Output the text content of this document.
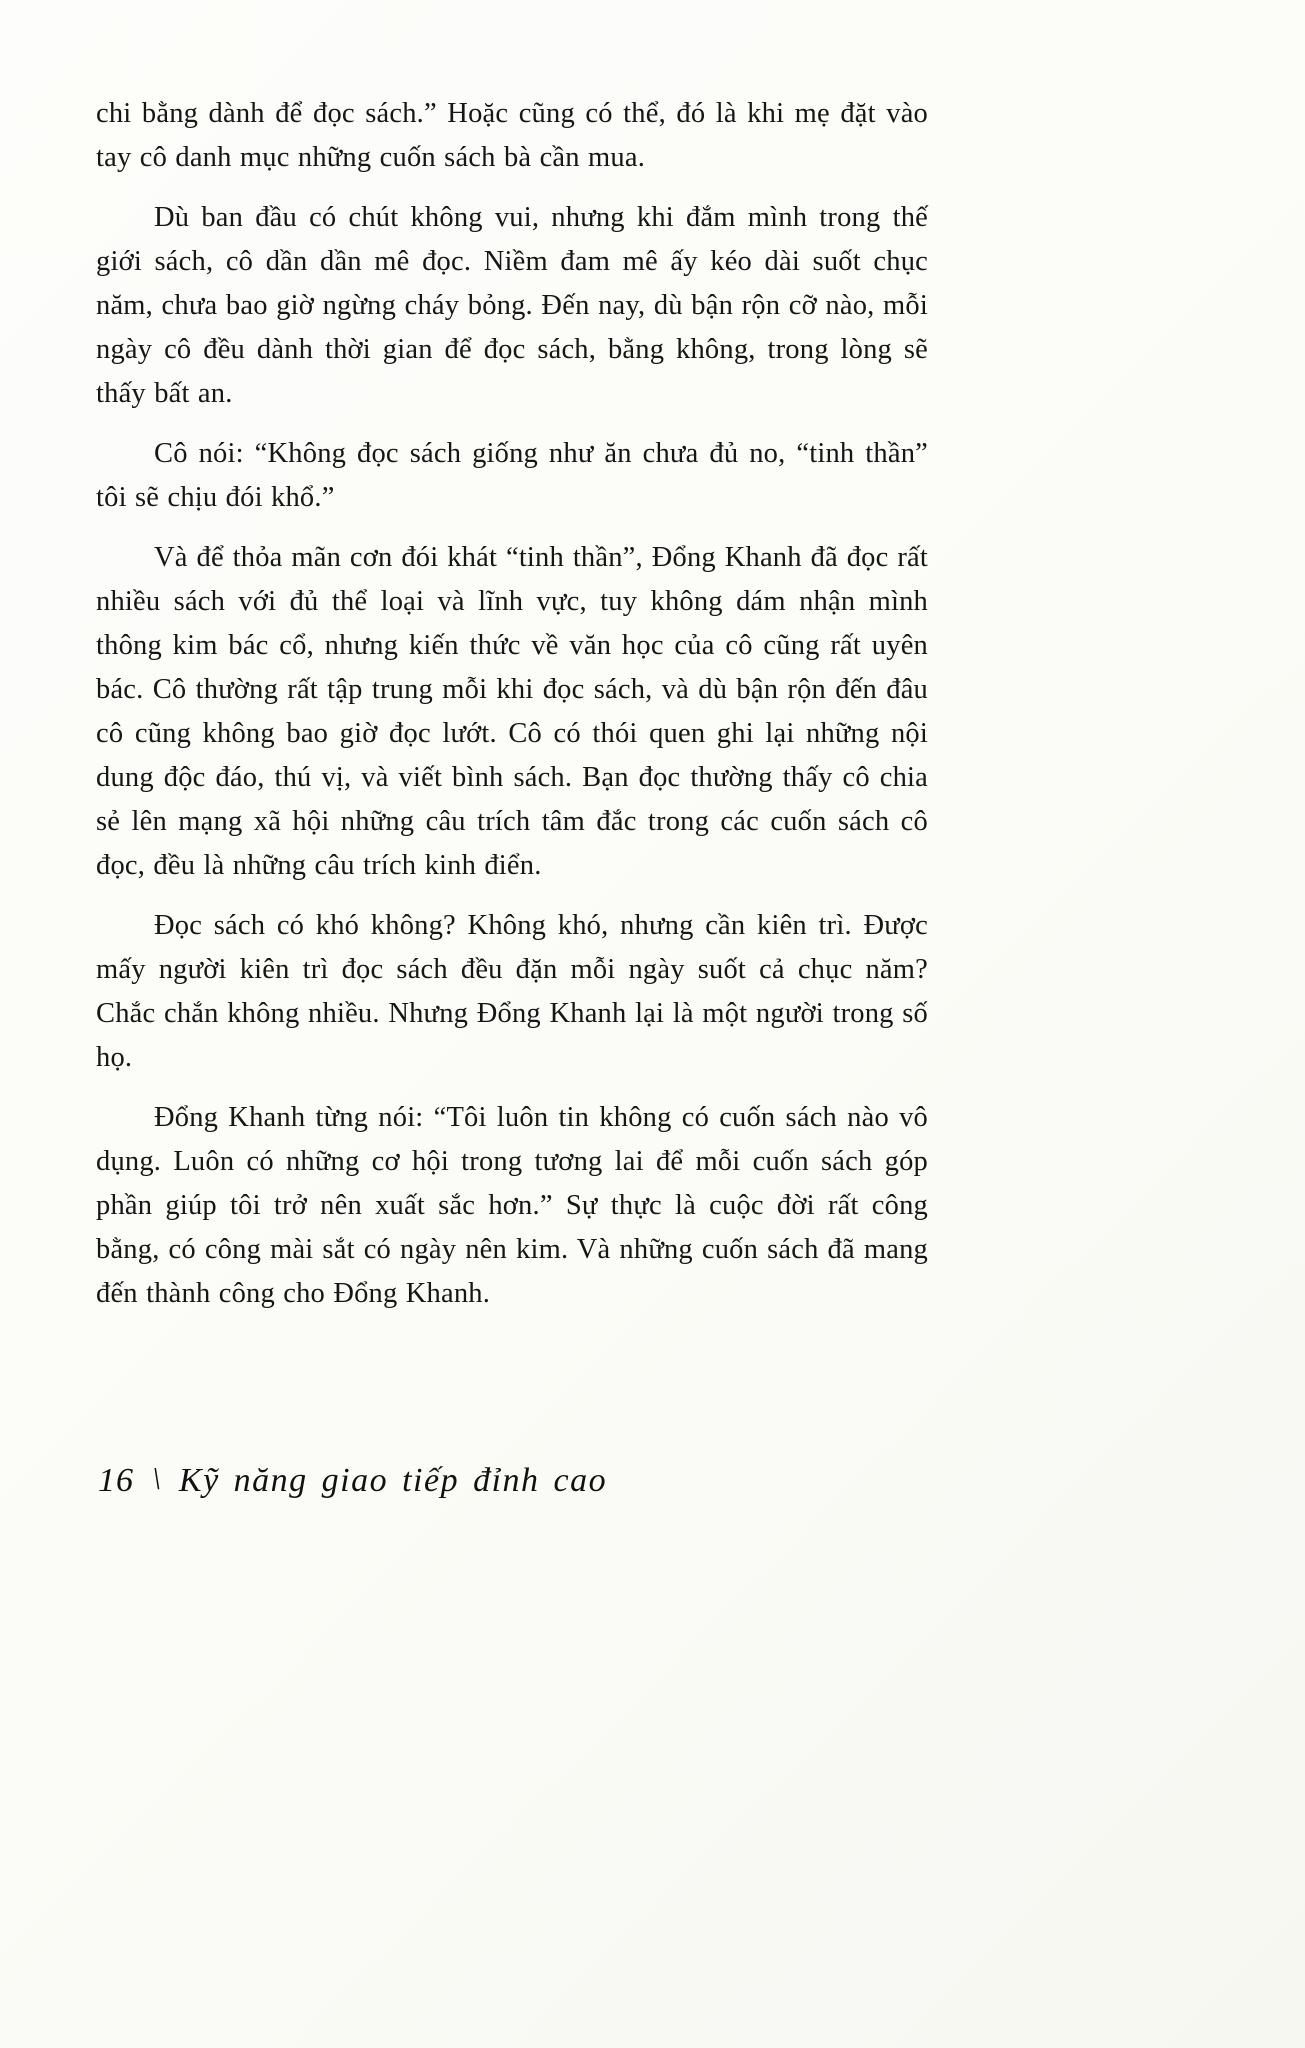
chi bằng dành để đọc sách.” Hoặc cũng có thể, đó là khi mẹ đặt vào tay cô danh mục những cuốn sách bà cần mua.

Dù ban đầu có chút không vui, nhưng khi đắm mình trong thế giới sách, cô dần dần mê đọc. Niềm đam mê ấy kéo dài suốt chục năm, chưa bao giờ ngừng cháy bỏng. Đến nay, dù bận rộn cỡ nào, mỗi ngày cô đều dành thời gian để đọc sách, bằng không, trong lòng sẽ thấy bất an.

Cô nói: “Không đọc sách giống như ăn chưa đủ no, “tinh thần” tôi sẽ chịu đói khổ.”

Và để thỏa mãn cơn đói khát “tinh thần”, Đổng Khanh đã đọc rất nhiều sách với đủ thể loại và lĩnh vực, tuy không dám nhận mình thông kim bác cổ, nhưng kiến thức về văn học của cô cũng rất uyên bác. Cô thường rất tập trung mỗi khi đọc sách, và dù bận rộn đến đâu cô cũng không bao giờ đọc lướt. Cô có thói quen ghi lại những nội dung độc đáo, thú vị, và viết bình sách. Bạn đọc thường thấy cô chia sẻ lên mạng xã hội những câu trích tâm đắc trong các cuốn sách cô đọc, đều là những câu trích kinh điển.

Đọc sách có khó không? Không khó, nhưng cần kiên trì. Được mấy người kiên trì đọc sách đều đặn mỗi ngày suốt cả chục năm? Chắc chắn không nhiều. Nhưng Đổng Khanh lại là một người trong số họ.

Đổng Khanh từng nói: “Tôi luôn tin không có cuốn sách nào vô dụng. Luôn có những cơ hội trong tương lai để mỗi cuốn sách góp phần giúp tôi trở nên xuất sắc hơn.” Sự thực là cuộc đời rất công bằng, có công mài sắt có ngày nên kim. Và những cuốn sách đã mang đến thành công cho Đổng Khanh.

16 \ Kỹ năng giao tiếp đỉnh cao
